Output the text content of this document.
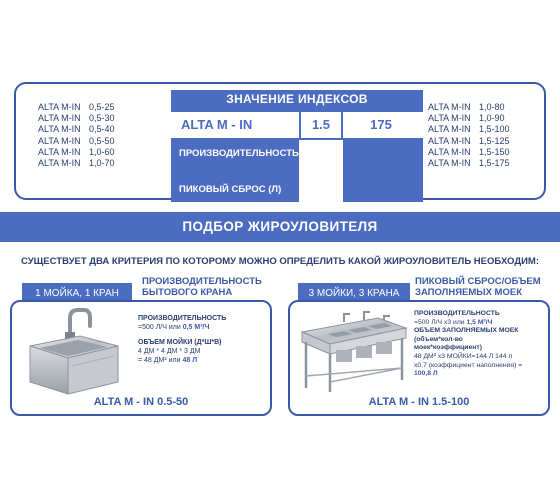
ALTA M-IN 0,5-25
ALTA M-IN 0,5-30
ALTA M-IN 0,5-40
ALTA M-IN 0,5-50
ALTA M-IN 1,0-60
ALTA M-IN 1,0-70
ЗНАЧЕНИЕ ИНДЕКСОВ
ALTA M - IN	1.5	175
ПРОИЗВОДИТЕЛЬНОСТЬ (М³/ЧАС)
ПИКОВЫЙ СБРОС (Л)
ALTA M-IN 1,0-80
ALTA M-IN 1,0-90
ALTA M-IN 1,5-100
ALTA M-IN 1,5-125
ALTA M-IN 1,5-150
ALTA M-IN 1,5-175
ПОДБОР ЖИРОУЛОВИТЕЛЯ
СУЩЕСТВУЕТ ДВА КРИТЕРИЯ ПО КОТОРОМУ МОЖНО ОПРЕДЕЛИТЬ КАКОЙ ЖИРОУЛОВИТЕЛЬ НЕОБХОДИМ:
1 МОЙКА, 1 КРАН
ПРОИЗВОДИТЕЛЬНОСТЬ
БЫТОВОГО КРАНА
ПРОИЗВОДИТЕЛЬНОСТЬ
=500 Л/Ч или 0,5 М³/Ч
ОБЪЕМ МОЙКИ (Д*Ш*В)
4 ДМ * 4 ДМ * 3 ДМ
= 48 ДМ² или 48 Л
ALTA M - IN 0.5-50
3 МОЙКИ, 3 КРАНА
ПИКОВЫЙ СБРОС/ОБЪЕМ
ЗАПОЛНЯЕМЫХ МОЕК
ПРОИЗВОДИТЕЛЬНОСТЬ
=500 Л/Ч x3 или 1,5 М³/Ч
ОБЪЕМ ЗАПОЛНЯЕМЫХ МОЕК
(объем*кол-во
моек*коэффициент)
48 ДМ² x3 МОЙКИ=144 Л 144 л
x0,7 (коэффициент наполнения) =
100,8 Л
ALTA M - IN 1.5-100
